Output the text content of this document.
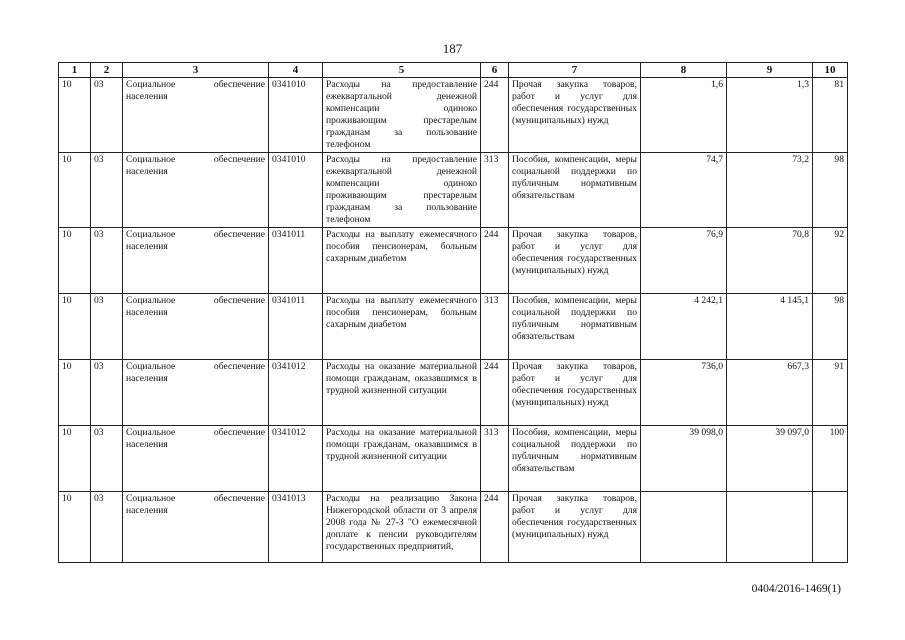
187
1	2	3	4	5	6	7	8	9	10
10	03	Социальное обеспечение населения	0341010	Расходы на предоставление ежеквартальной денежной компенсации одиноко проживающим престарелым гражданам за пользование телефоном	244	Прочая закупка товаров, работ и услуг для обеспечения государственных (муниципальных) нужд	1,6	1,3	81
10	03	Социальное обеспечение населения	0341010	Расходы на предоставление ежеквартальной денежной компенсации одиноко проживающим престарелым гражданам за пользование телефоном	313	Пособия, компенсации, меры социальной поддержки по публичным нормативным обязательствам	74,7	73,2	98
10	03	Социальное обеспечение населения	0341011	Расходы на выплату ежемесячного пособия пенсионерам, больным сахарным диабетом	244	Прочая закупка товаров, работ и услуг для обеспечения государственных (муниципальных) нужд	76,9	70,8	92
10	03	Социальное обеспечение населения	0341011	Расходы на выплату ежемесячного пособия пенсионерам, больным сахарным диабетом	313	Пособия, компенсации, меры социальной поддержки по публичным нормативным обязательствам	4 242,1	4 145,1	98
10	03	Социальное обеспечение населения	0341012	Расходы на оказание материальной помощи гражданам, оказавшимся в трудной жизненной ситуации	244	Прочая закупка товаров, работ и услуг для обеспечения государственных (муниципальных) нужд	736,0	667,3	91
10	03	Социальное обеспечение населения	0341012	Расходы на оказание материальной помощи гражданам, оказавшимся в трудной жизненной ситуации	313	Пособия, компенсации, меры социальной поддержки по публичным нормативным обязательствам	39 098,0	39 097,0	100
10	03	Социальное обеспечение населения	0341013	Расходы на реализацию Закона Нижегородской области от 3 апреля 2008 года № 27-З "О ежемесячной доплате к пенсии руководителям государственных предприятий,	244	Прочая закупка товаров, работ и услуг для обеспечения государственных (муниципальных) нужд			
0404/2016-1469(1)
